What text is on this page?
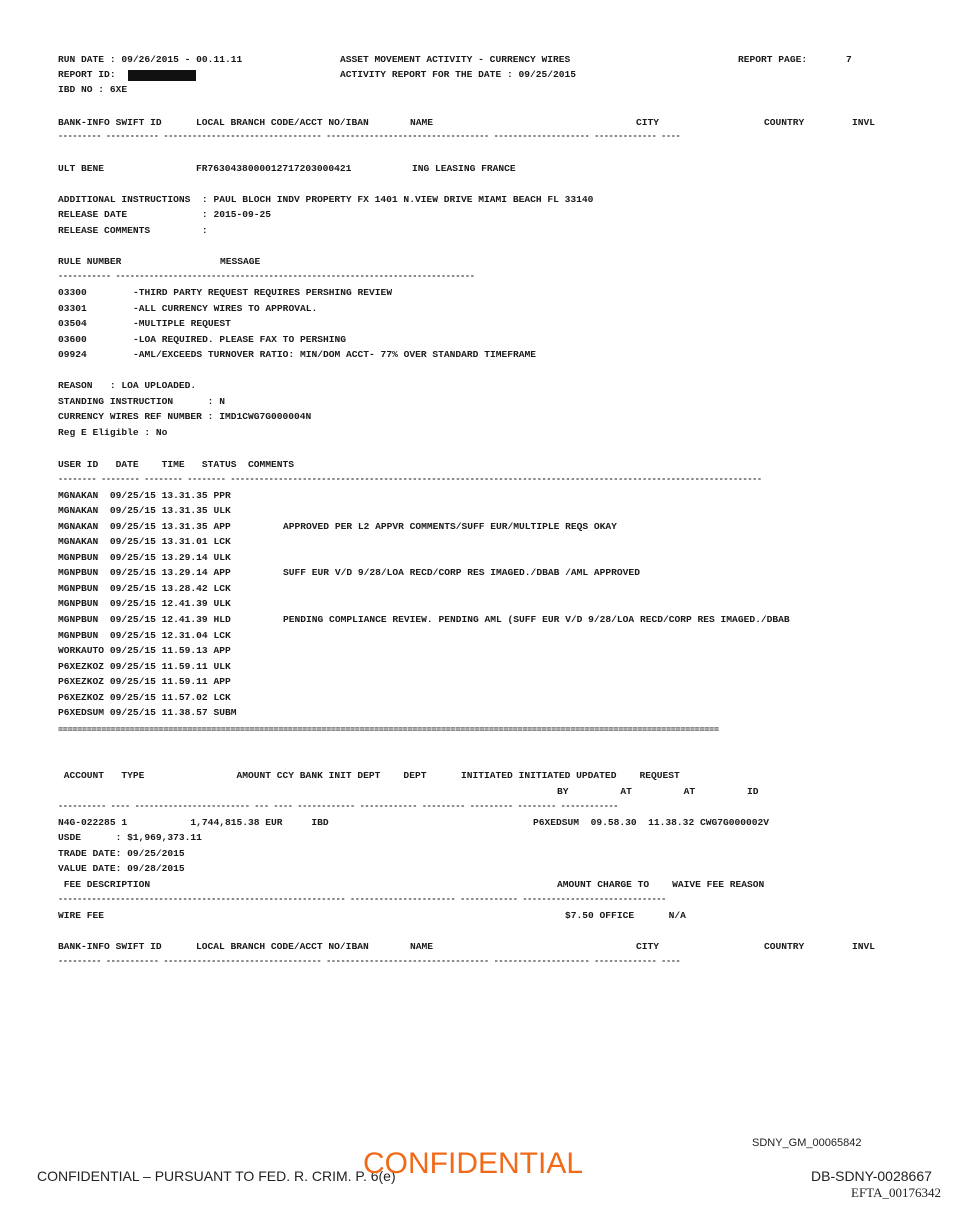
RUN DATE : 09/26/2015 - 00.11.11	ASSET MOVEMENT ACTIVITY - CURRENCY WIRES	REPORT PAGE:	7
REPORT ID:	ACTIVITY REPORT FOR THE DATE : 09/25/2015
IBD NO : 6XE
BANK-INFO SWIFT ID	LOCAL BRANCH CODE/ACCT NO/IBAN	NAME	CITY	COUNTRY	INVL
--------- ----------- --------------------------------- ---------------------------------- -------------------- ------------- ----
ULT BENE	FR7630438000012717203000421	ING LEASING FRANCE
ADDITIONAL INSTRUCTIONS  : PAUL BLOCH INDV PROPERTY FX 1401 N.VIEW DRIVE MIAMI BEACH FL 33140
RELEASE DATE             : 2015-09-25
RELEASE COMMENTS         :
RULE NUMBER	MESSAGE
----------- ---------------------------------------------------------------------------
03300	-THIRD PARTY REQUEST REQUIRES PERSHING REVIEW
03301	-ALL CURRENCY WIRES TO APPROVAL.
03504	-MULTIPLE REQUEST
03600	-LOA REQUIRED. PLEASE FAX TO PERSHING
09924	-AML/EXCEEDS TURNOVER RATIO: MIN/DOM ACCT- 77% OVER STANDARD TIMEFRAME
REASON   : LOA UPLOADED.
STANDING INSTRUCTION      : N
CURRENCY WIRES REF NUMBER : IMD1CWG7G000004N
Reg E Eligible : No
USER ID   DATE    TIME   STATUS  COMMENTS
-------- -------- -------- -------- ---------------------------------------------------------------------------------------------------------------
MGNAKAN  09/25/15 13.31.35 PPR
MGNAKAN  09/25/15 13.31.35 ULK
MGNAKAN  09/25/15 13.31.35 APP	APPROVED PER L2 APPVR COMMENTS/SUFF EUR/MULTIPLE REQS OKAY
MGNAKAN  09/25/15 13.31.01 LCK
MGNPBUN  09/25/15 13.29.14 ULK
MGNPBUN  09/25/15 13.29.14 APP	SUFF EUR V/D 9/28/LOA RECD/CORP RES IMAGED./DBAB /AML APPROVED
MGNPBUN  09/25/15 13.28.42 LCK
MGNPBUN  09/25/15 12.41.39 ULK
MGNPBUN  09/25/15 12.41.39 HLD	PENDING COMPLIANCE REVIEW. PENDING AML (SUFF EUR V/D 9/28/LOA RECD/CORP RES IMAGED./DBAB
MGNPBUN  09/25/15 12.31.04 LCK
WORKAUTO 09/25/15 11.59.13 APP
P6XEZKOZ 09/25/15 11.59.11 ULK
P6XEZKOZ 09/25/15 11.59.11 APP
P6XEZKOZ 09/25/15 11.57.02 LCK
P6XEDSUM 09/25/15 11.38.57 SUBM
==========================================================================================================================================
ACCOUNT   TYPE                AMOUNT CCY BANK INIT DEPT    DEPT      INITIATED INITIATED UPDATED    REQUEST
BY         AT         AT         ID
---------- ---- ------------------------ --- ---- ------------ ------------ --------- --------- -------- ------------
N4G-022285 1           1,744,815.38 EUR     IBD	P6XEDSUM  09.58.30  11.38.32 CWG7G000002V
USDE      : $1,969,373.11
TRADE DATE: 09/25/2015
VALUE DATE: 09/28/2015
FEE DESCRIPTION	AMOUNT CHARGE TO    WAIVE FEE REASON
------------------------------------------------------------ ---------------------- ------------ ------------------------------
WIRE FEE	$7.50 OFFICE      N/A
BANK-INFO SWIFT ID	LOCAL BRANCH CODE/ACCT NO/IBAN	NAME	CITY	COUNTRY	INVL
--------- ----------- --------------------------------- ---------------------------------- -------------------- ------------- ----
SDNY_GM_00065842
CONFIDENTIAL – PURSUANT TO FED. R. CRIM. P. 6(e)
CONFIDENTIAL	DB-SDNY-0028667
EFTA_00176342
